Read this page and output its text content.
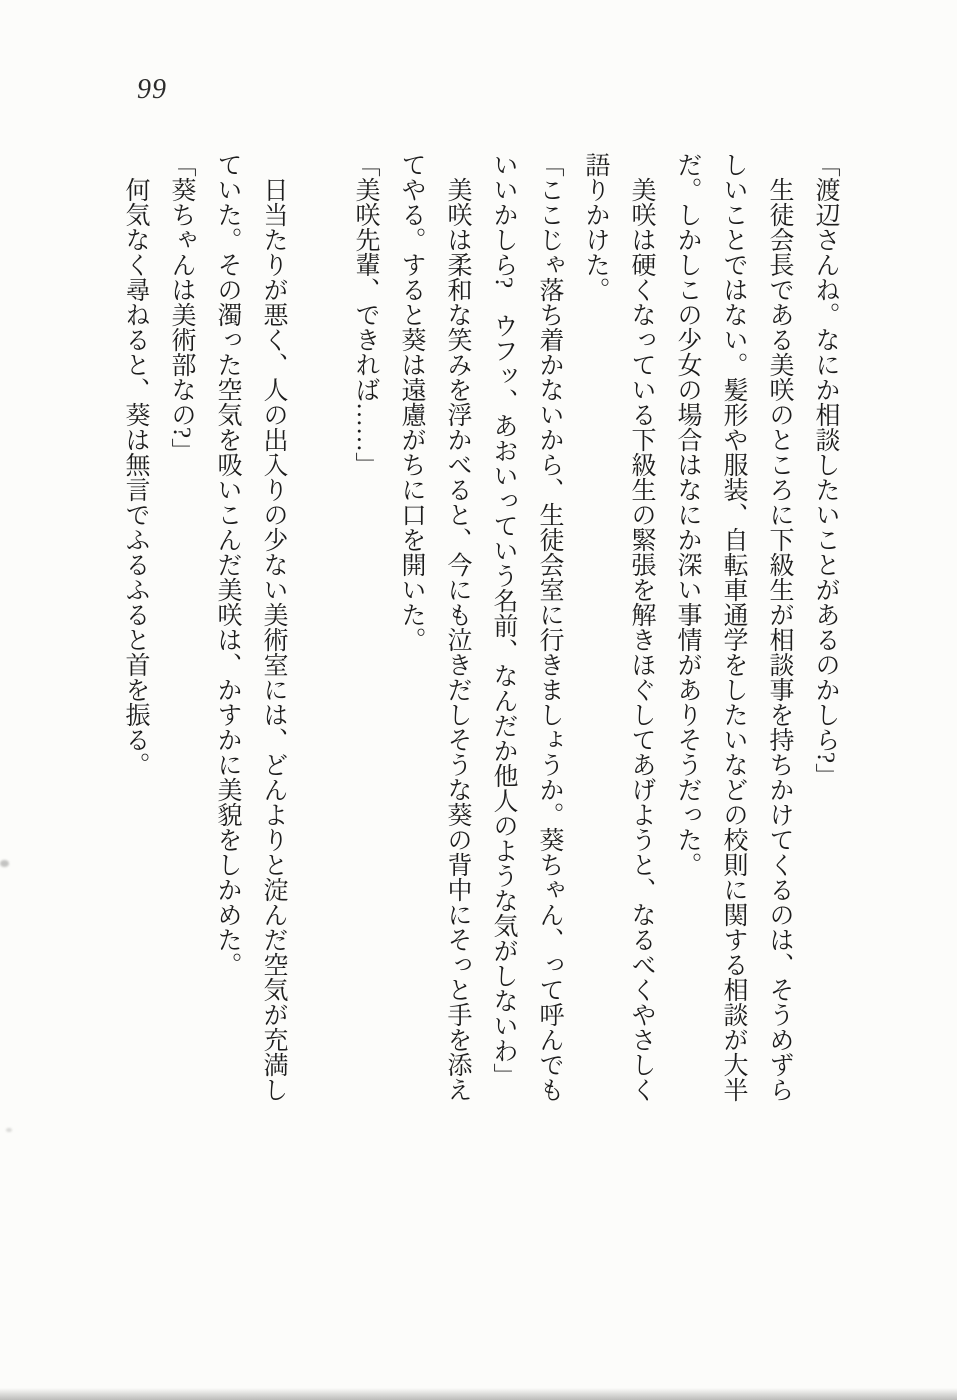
99

「渡辺さんね。なにか相談したいことがあるのかしら?」

生徒会長である美咲のところに下級生が相談事を持ちかけてくるのは、そうめずらしいことではない。髪形や服装、自転車通学をしたいなどの校則に関する相談が大半だ。しかしこの少女の場合はなにか深い事情がありそうだった。

美咲は硬くなっている下級生の緊張を解きほぐしてあげようと、なるべくやさしく語りかけた。

「ここじゃ落ち着かないから、生徒会室に行きましょうか。葵ちゃん、って呼んでもいいかしら?　ウフッ、あおいっていう名前、なんだか他人のような気がしないわ」

美咲は柔和な笑みを浮かべると、今にも泣きだしそうな葵の背中にそっと手を添えてやる。すると葵は遠慮がちに口を開いた。

「美咲先輩、できれば……」

日当たりが悪く、人の出入りの少ない美術室には、どんよりと淀んだ空気が充満していた。その濁った空気を吸いこんだ美咲は、かすかに美貌をしかめた。

「葵ちゃんは美術部なの?」

何気なく尋ねると、葵は無言でふるふると首を振る。
